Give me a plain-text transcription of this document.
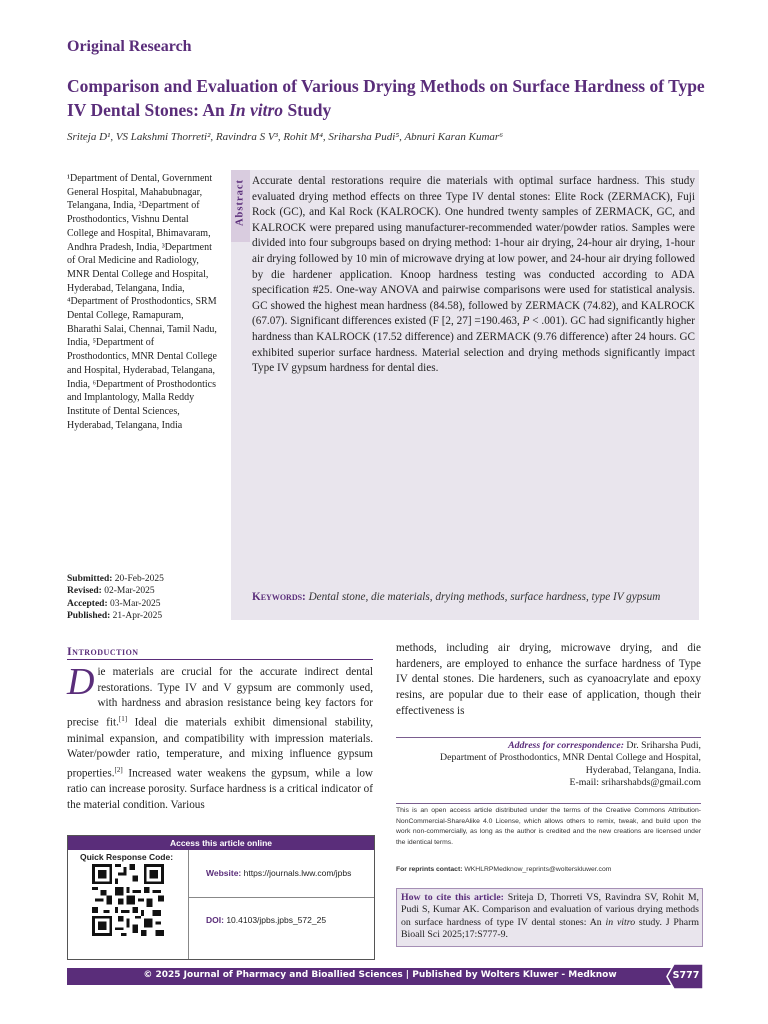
Original Research
Comparison and Evaluation of Various Drying Methods on Surface Hardness of Type IV Dental Stones: An In vitro Study
Sriteja D¹, VS Lakshmi Thorreti², Ravindra S V³, Rohit M⁴, Sriharsha Pudi⁵, Abnuri Karan Kumar⁶

¹Department of Dental, Government General Hospital, Mahabubnagar, Telangana, India, ²Department of Prosthodontics, Vishnu Dental College and Hospital, Bhimavaram, Andhra Pradesh, India, ³Department of Oral Medicine and Radiology, MNR Dental College and Hospital, Hyderabad, Telangana, India, ⁴Department of Prosthodontics, SRM Dental College, Ramapuram, Bharathi Salai, Chennai, Tamil Nadu, India, ⁵Department of Prosthodontics, MNR Dental College and Hospital, Hyderabad, Telangana, India, ⁶Department of Prosthodontics and Implantology, Malla Reddy Institute of Dental Sciences, Hyderabad, Telangana, India

Submitted: 20-Feb-2025
Revised: 02-Mar-2025
Accepted: 03-Mar-2025
Published: 21-Apr-2025
Abstract Accurate dental restorations require die materials with optimal surface hardness. This study evaluated drying method effects on three Type IV dental stones: Elite Rock (ZERMACK), Fuji Rock (GC), and Kal Rock (KALROCK). One hundred twenty samples of ZERMACK, GC, and KALROCK were prepared using manufacturer-recommended water/powder ratios. Samples were divided into four subgroups based on drying method: 1-hour air drying, 24-hour air drying, 1-hour air drying followed by 10 min of microwave drying at low power, and 24-hour air drying followed by die hardener application. Knoop hardness testing was conducted according to ADA specification #25. One-way ANOVA and pairwise comparisons were used for statistical analysis. GC showed the highest mean hardness (84.58), followed by ZERMACK (74.82), and KALROCK (67.07). Significant differences existed (F [2, 27] =190.463, P < .001). GC had significantly higher hardness than KALROCK (17.52 difference) and ZERMACK (9.76 difference) after 24 hours. GC exhibited superior surface hardness. Material selection and drying methods significantly impact Type IV gypsum hardness for dental dies.
Keywords: Dental stone, die materials, drying methods, surface hardness, type IV gypsum
Introduction
Die materials are crucial for the accurate indirect dental restorations. Type IV and V gypsum are commonly used, with hardness and abrasion resistance being key factors for precise fit.[1] Ideal die materials exhibit dimensional stability, minimal expansion, and compatibility with impression materials. Water/powder ratio, temperature, and mixing influence gypsum properties.[2] Increased water weakens the gypsum, while a low ratio can increase porosity. Surface hardness is a critical indicator of the material condition. Various
methods, including air drying, microwave drying, and die hardeners, are employed to enhance the surface hardness of Type IV dental stones. Die hardeners, such as cyanoacrylate and epoxy resins, are popular due to their ease of application, though their effectiveness is
Address for correspondence: Dr. Sriharsha Pudi,
Department of Prosthodontics, MNR Dental College and Hospital,
Hyderabad, Telangana, India.
E-mail: sriharshabds@gmail.com
This is an open access article distributed under the terms of the Creative Commons Attribution-NonCommercial-ShareAlike 4.0 License, which allows others to remix, tweak, and build upon the work non-commercially, as long as the author is credited and the new creations are licensed under the identical terms.
For reprints contact: WKHLRPMedknow_reprints@wolterskluwer.com
How to cite this article: Sriteja D, Thorreti VS, Ravindra SV, Rohit M, Pudi S, Kumar AK. Comparison and evaluation of various drying methods on surface hardness of type IV dental stones: An in vitro study. J Pharm Bioall Sci 2025;17:S777-9.
Access this article online
Quick Response Code:
Website: https://journals.lww.com/jpbs
DOI: 10.4103/jpbs.jpbs_572_25
© 2025 Journal of Pharmacy and Bioallied Sciences | Published by Wolters Kluwer - Medknow	S777
